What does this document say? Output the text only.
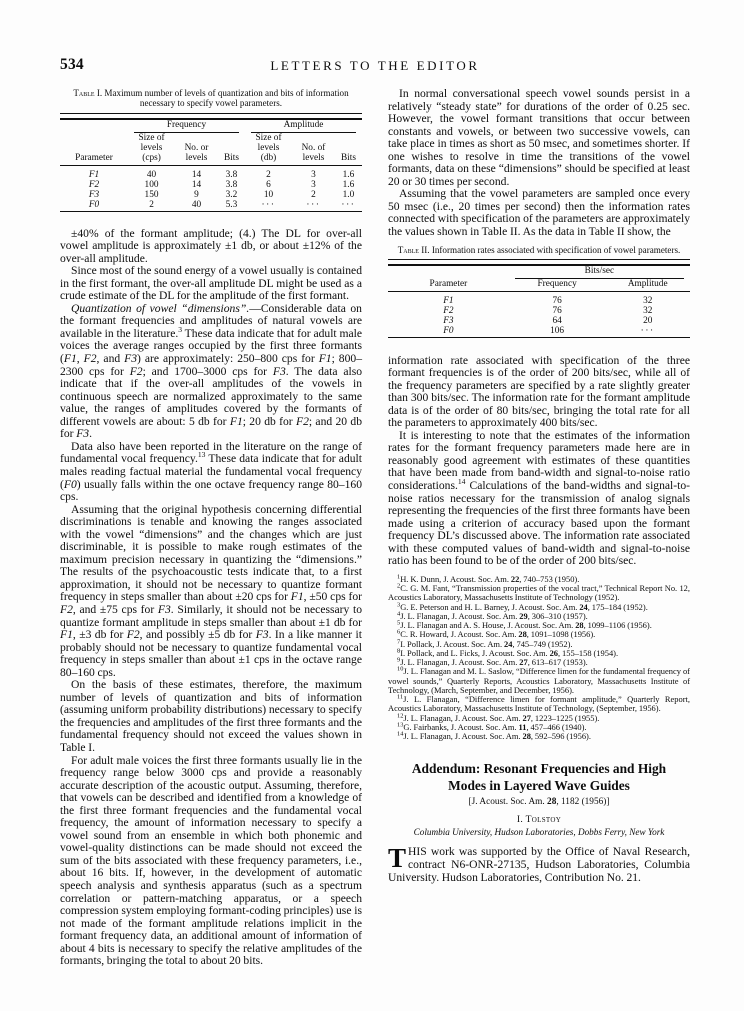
534	LETTERS TO THE EDITOR
Table I. Maximum number of levels of quantization and bits of information necessary to specify vowel parameters.

	Frequency			Amplitude		

	Size of			Size of		
	levels	No. or		levels	No. of	
Parameter	(cps)	levels	Bits	(db)	levels	Bits

F1	40	14	3.8	2	3	1.6
F2	100	14	3.8	6	3	1.6
F3	150	9	3.2	10	2	1.0
F0	2	40	5.3	···	···	···

±40% of the formant amplitude; (4.) The DL for over-all vowel amplitude is approximately ±1 db, or about ±12% of the over-all amplitude.

Since most of the sound energy of a vowel usually is contained in the first formant, the over-all amplitude DL might be used as a crude estimate of the DL for the amplitude of the first formant.

Quantization of vowel “dimensions”.—Considerable data on the formant frequencies and amplitudes of natural vowels are available in the literature.$^3$ These data indicate that for adult male voices the average ranges occupied by the first three formants (F1, F2, and F3) are approximately: 250–800 cps for F1; 800–2300 cps for F2; and 1700–3000 cps for F3. The data also indicate that if the over-all amplitudes of the vowels in continuous speech are normalized approximately to the same value, the ranges of amplitudes covered by the formants of different vowels are about: 5 db for F1; 20 db for F2; and 20 db for F3.

Data also have been reported in the literature on the range of fundamental vocal frequency.$^{13}$ These data indicate that for adult males reading factual material the fundamental vocal frequency (F0) usually falls within the one octave frequency range 80–160 cps.

Assuming that the original hypothesis concerning differential discriminations is tenable and knowing the ranges associated with the vowel “dimensions” and the changes which are just discriminable, it is possible to make rough estimates of the maximum precision necessary in quantizing the “dimensions.” The results of the psychoacoustic tests indicate that, to a first approximation, it should not be necessary to quantize formant frequency in steps smaller than about ±20 cps for F1, ±50 cps for F2, and ±75 cps for F3. Similarly, it should not be necessary to quantize formant amplitude in steps smaller than about ±1 db for F1, ±3 db for F2, and possibly ±5 db for F3. In a like manner it probably should not be necessary to quantize fundamental vocal frequency in steps smaller than about ±1 cps in the octave range 80–160 cps.

On the basis of these estimates, therefore, the maximum number of levels of quantization and bits of information (assuming uniform probability distributions) necessary to specify the frequencies and amplitudes of the first three formants and the fundamental frequency should not exceed the values shown in Table I.

For adult male voices the first three formants usually lie in the frequency range below 3000 cps and provide a reasonably accurate description of the acoustic output. Assuming, therefore, that vowels can be described and identified from a knowledge of the first three formant frequencies and the fundamental vocal frequency, the amount of information necessary to specify a vowel sound from an ensemble in which both phonemic and vowel-quality distinctions can be made should not exceed the sum of the bits associated with these frequency parameters, i.e., about 16 bits. If, however, in the development of automatic speech analysis and synthesis apparatus (such as a spectrum correlation or pattern-matching apparatus, or a speech compression system employing formant-coding principles) use is not made of the formant amplitude relations implicit in the formant frequency data, an additional amount of information of about 4 bits is necessary to specify the relative amplitudes of the formants, bringing the total to about 20 bits.

In normal conversational speech vowel sounds persist in a relatively “steady state” for durations of the order of 0.25 sec. However, the vowel formant transitions that occur between constants and vowels, or between two successive vowels, can take place in times as short as 50 msec, and sometimes shorter. If one wishes to resolve in time the transitions of the vowel formants, data on these “dimensions” should be specified at least 20 or 30 times per second.

Assuming that the vowel parameters are sampled once every 50 msec (i.e., 20 times per second) then the information rates connected with specification of the parameters are approximately the values shown in Table II. As the data in Table II show, the

Table II. Information rates associated with specification of vowel parameters.

	Bits/sec	

Parameter	Frequency	Amplitude

F1	76	32
F2	76	32
F3	64	20
F0	106	···

information rate associated with specification of the three formant frequencies is of the order of 200 bits/sec, while all of the frequency parameters are specified by a rate slightly greater than 300 bits/sec. The information rate for the formant amplitude data is of the order of 80 bits/sec, bringing the total rate for all the parameters to approximately 400 bits/sec.

It is interesting to note that the estimates of the information rates for the formant frequency parameters made here are in reasonably good agreement with estimates of these quantities that have been made from band-width and signal-to-noise ratio considerations.$^{14}$ Calculations of the band-widths and signal-to-noise ratios necessary for the transmission of analog signals representing the frequencies of the first three formants have been made using a criterion of accuracy based upon the formant frequency DL’s discussed above. The information rate associated with these computed values of band-width and signal-to-noise ratio has been found to be of the order of 200 bits/sec.

$^1$H. K. Dunn, J. Acoust. Soc. Am. 22, 740–753 (1950).

$^2$C. G. M. Fant, “Transmission properties of the vocal tract,” Technical Report No. 12, Acoustics Laboratory, Massachusetts Institute of Technology (1952).

$^3$G. E. Peterson and H. L. Barney, J. Acoust. Soc. Am. 24, 175–184 (1952).

$^4$J. L. Flanagan, J. Acoust. Soc. Am. 29, 306–310 (1957).

$^5$J. L. Flanagan and A. S. House, J. Acoust. Soc. Am. 28, 1099–1106 (1956).

$^6$C. R. Howard, J. Acoust. Soc. Am. 28, 1091–1098 (1956).

$^7$I. Pollack, J. Acoust. Soc. Am. 24, 745–749 (1952).

$^8$I. Pollack, and L. Ficks, J. Acoust. Soc. Am. 26, 155–158 (1954).

$^9$J. L. Flanagan, J. Acoust. Soc. Am. 27, 613–617 (1953).

$^{10}$J. L. Flanagan and M. L. Saslow, “Difference limen for the fundamental frequency of vowel sounds,” Quarterly Reports, Acoustics Laboratory, Massachusetts Institute of Technology, (March, September, and December, 1956).

$^{11}$J. L. Flanagan, “Difference limen for formant amplitude,” Quarterly Report, Acoustics Laboratory, Massachusetts Institute of Technology, (September, 1956).

$^{12}$J. L. Flanagan, J. Acoust. Soc. Am. 27, 1223–1225 (1955).

$^{13}$G. Fairbanks, J. Acoust. Soc. Am. 11, 457–466 (1940).

$^{14}$J. L. Flanagan, J. Acoust. Soc. Am. 28, 592–596 (1956).

Addendum: Resonant Frequencies and High
Modes in Layered Wave Guides
[J. Acoust. Soc. Am. 28, 1182 (1956)]
I. Tolstoy
Columbia University, Hudson Laboratories, Dobbs Ferry, New York

THIS work was supported by the Office of Naval Research, contract N6-ONR-27135, Hudson Laboratories, Columbia University. Hudson Laboratories, Contribution No. 21.
